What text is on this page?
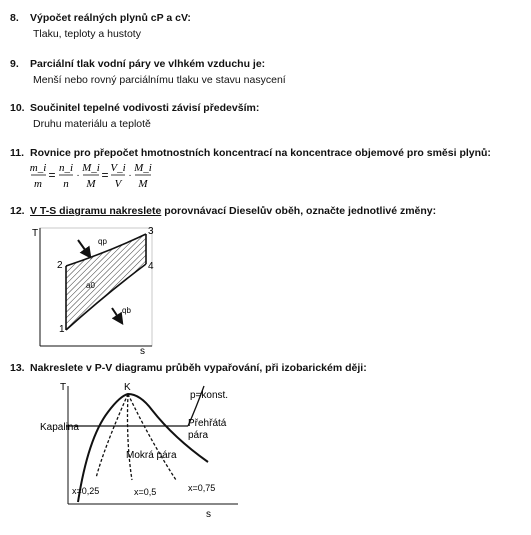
8. Výpočet reálných plynů cP a cV:
Tlaku, teploty a hustoty
9. Parciální tlak vodní páry ve vlhkém vzduchu je:
Menší nebo rovný parciálnímu tlaku ve stavu nasycení
10. Součinitel tepelné vodivosti závisí především:
Druhu materiálu a teplotě
11. Rovnice pro přepočet hmotnostních koncentrací na koncentrace objemové pro směsi plynů:
m_i
m
= n_i
n
·
M_i
M
= V_i
V
·
M_i
M
12. V T-S diagramu nakreslete porovnávací Dieselův oběh, označte jednotlivé změny:
T
s
2
3
4
1
qp
qb
a0
13. Nakreslete v P-V diagramu průběh vypařování, při izobarickém ději:
T
s
K
p=konst.
Kapalina	Přehřátá
pára
Mokrá pára
x=0,25	x=0,5	x=0,75
